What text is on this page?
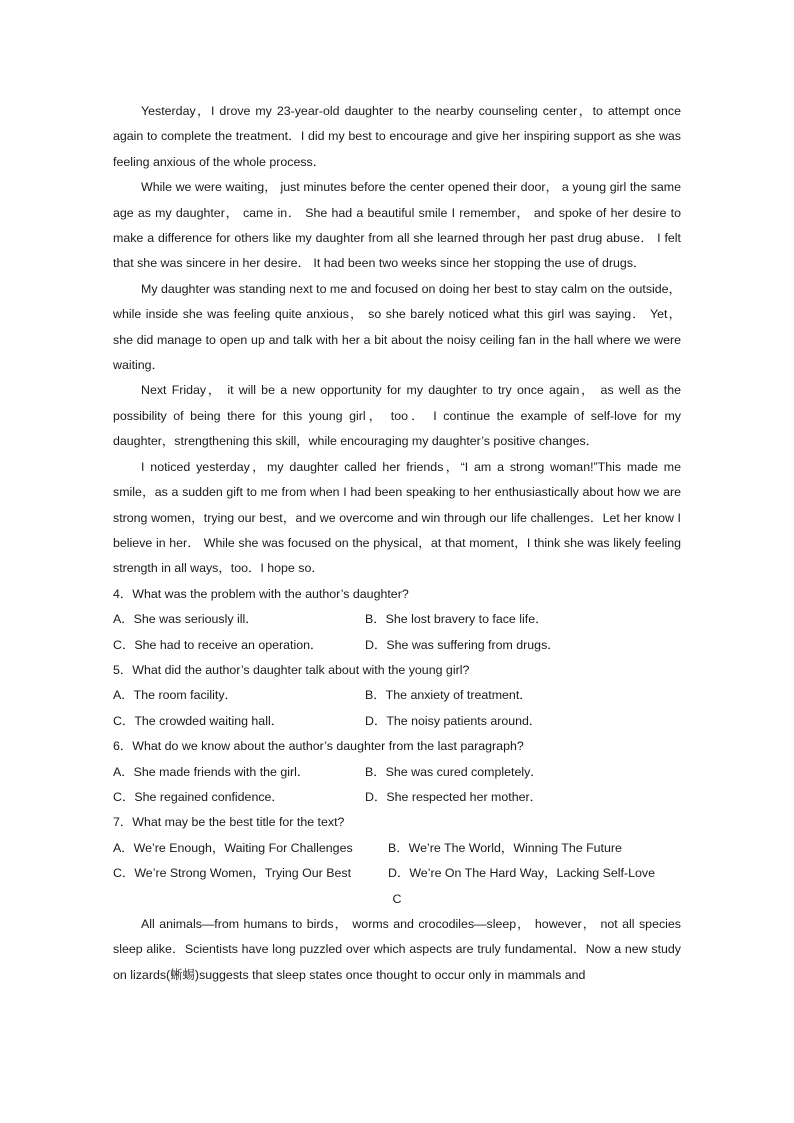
Yesterday，I drove my 23-year-old daughter to the nearby counseling center，to attempt once again to complete the treatment．I did my best to encourage and give her inspiring support as she was feeling anxious of the whole process．

While we were waiting， just minutes before the center opened their door， a young girl the same age as my daughter， came in． She had a beautiful smile I remember， and spoke of her desire to make a difference for others like my daughter from all she learned through her past drug abuse． I felt that she was sincere in her desire． It had been two weeks since her stopping the use of drugs．

My daughter was standing next to me and focused on doing her best to stay calm on the outside， while inside she was feeling quite anxious， so she barely noticed what this girl was saying． Yet， she did manage to open up and talk with her a bit about the noisy ceiling fan in the hall where we were waiting．

Next Friday， it will be a new opportunity for my daughter to try once again， as well as the possibility of being there for this young girl， too． I continue the example of self-love for my daughter，strengthening this skill，while encouraging my daughter’s positive changes．

I noticed yesterday，my daughter called her friends，“I am a strong woman!”This made me smile，as a sudden gift to me from when I had been speaking to her enthusiastically about how we are strong women，trying our best，and we overcome and win through our life challenges．Let her know I believe in her． While she was focused on the physical，at that moment，I think she was likely feeling strength in all ways，too．I hope so．

4．What was the problem with the author’s daughter?

A．She was seriously ill．	B．She lost bravery to face life．
C．She had to receive an operation．	D．She was suffering from drugs．

5．What did the author’s daughter talk about with the young girl?

A．The room facility．	B．The anxiety of treatment．
C．The crowded waiting hall．	D．The noisy patients around．

6．What do we know about the author’s daughter from the last paragraph?

A．She made friends with the girl．	B．She was cured completely．
C．She regained confidence．	D．She respected her mother．

7．What may be the best title for the text?

A．We’re Enough，Waiting For Challenges	B．We’re The World，Winning The Future
C．We’re Strong Women，Trying Our Best	D．We’re On The Hard Way，Lacking Self-Love

C

All animals—from humans to birds， worms and crocodiles—sleep， however， not all species sleep alike．Scientists have long puzzled over which aspects are truly fundamental．Now a new study on lizards(蜥蜴)suggests that sleep states once thought to occur only in mammals and
